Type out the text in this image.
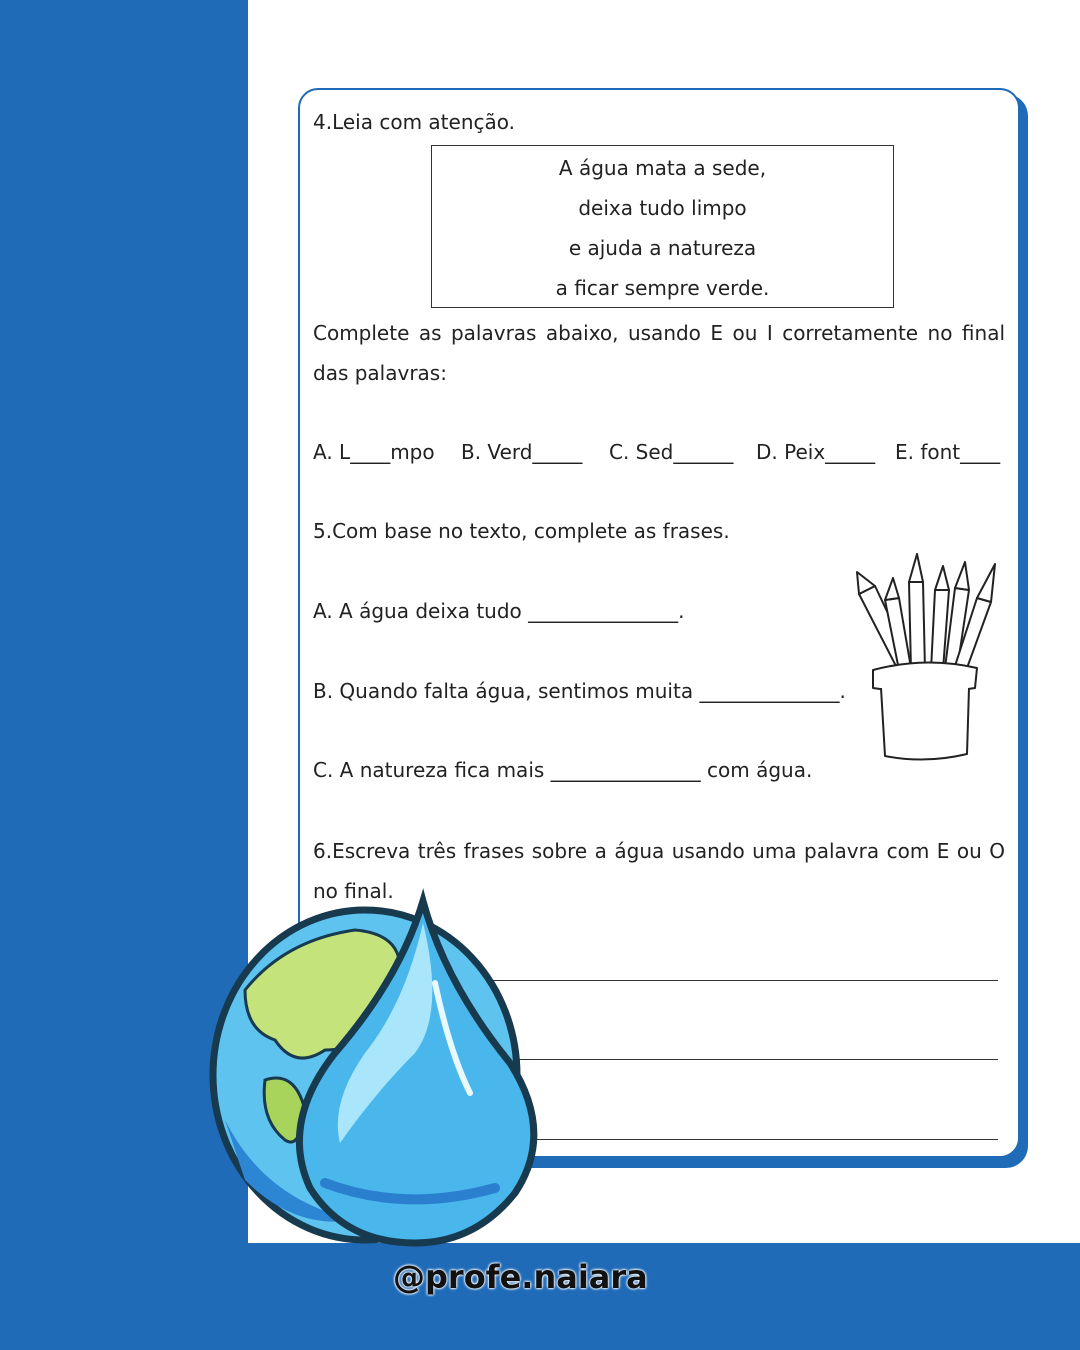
4.Leia com atenção.
A água mata a sede,
deixa tudo limpo
e ajuda a natureza
a ficar sempre verde.
Complete as palavras abaixo, usando E ou I corretamente no final das palavras:
A. L____mpo B. Verd_____ C. Sed______ D. Peix_____ E. font____
5.Com base no texto, complete as frases.
A. A água deixa tudo _______________.
B. Quando falta água, sentimos muita ______________.
C. A natureza fica mais _______________ com água.
6.Escreva três frases sobre a água usando uma palavra com E ou O no final.
@profe.naiara
